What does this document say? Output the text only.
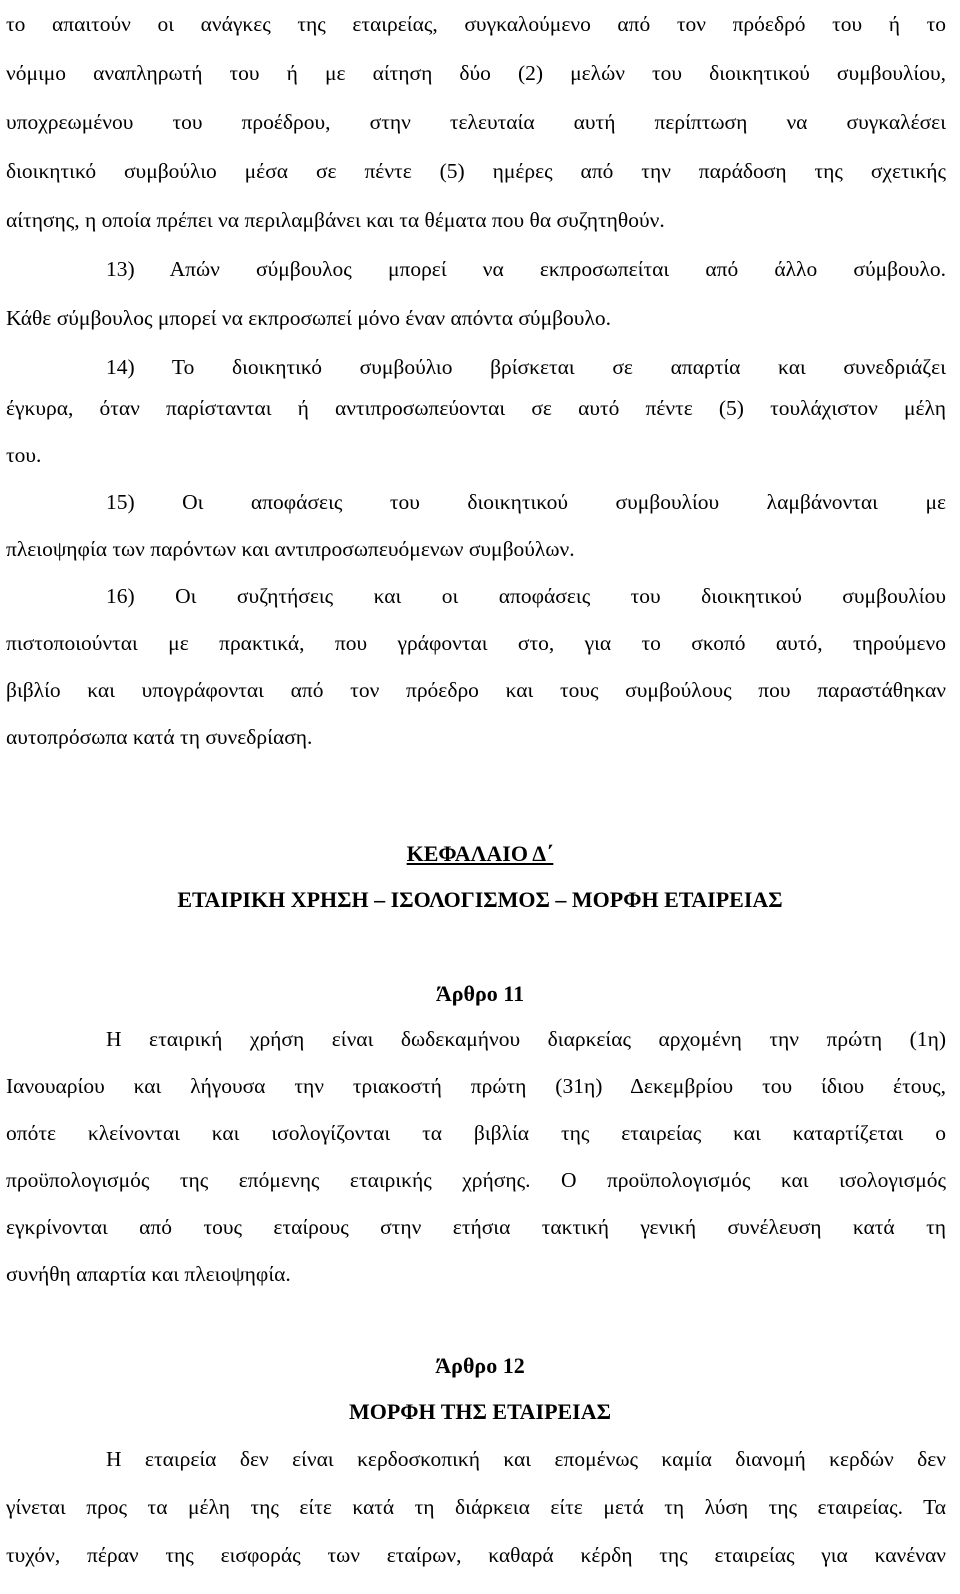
το απαιτούν οι ανάγκες της εταιρείας, συγκαλούμενο από τον πρόεδρό του ή το
νόμιμο αναπληρωτή του ή με αίτηση δύο (2) μελών του διοικητικού συμβουλίου,
υποχρεωμένου του προέδρου, στην τελευταία αυτή περίπτωση να συγκαλέσει
διοικητικό συμβούλιο μέσα σε πέντε (5) ημέρες από την παράδοση της σχετικής
αίτησης, η οποία πρέπει να περιλαμβάνει και τα θέματα που θα συζητηθούν.
13) Απών σύμβουλος μπορεί να εκπροσωπείται από άλλο σύμβουλο.
Κάθε σύμβουλος μπορεί να εκπροσωπεί μόνο έναν απόντα σύμβουλο.
14) Το διοικητικό συμβούλιο βρίσκεται σε απαρτία και συνεδριάζει
έγκυρα, όταν παρίστανται ή αντιπροσωπεύονται σε αυτό πέντε (5) τουλάχιστον μέλη
του.
15) Οι αποφάσεις του διοικητικού συμβουλίου λαμβάνονται με
πλειοψηφία των παρόντων και αντιπροσωπευόμενων συμβούλων.
16) Οι συζητήσεις και οι αποφάσεις του διοικητικού συμβουλίου
πιστοποιούνται με πρακτικά, που γράφονται στο, για το σκοπό αυτό, τηρούμενο
βιβλίο και υπογράφονται από τον πρόεδρο και τους συμβούλους που παραστάθηκαν
αυτοπρόσωπα κατά τη συνεδρίαση.
ΚΕΦΑΛΑΙΟ Δ΄
ΕΤΑΙΡΙΚΗ ΧΡΗΣΗ – ΙΣΟΛΟΓΙΣΜΟΣ – ΜΟΡΦΗ ΕΤΑΙΡΕΙΑΣ
Άρθρο 11
Η εταιρική χρήση είναι δωδεκαμήνου διαρκείας αρχομένη την πρώτη (1η)
Ιανουαρίου και λήγουσα την τριακοστή πρώτη (31η) Δεκεμβρίου του ίδιου έτους,
οπότε κλείνονται και ισολογίζονται τα βιβλία της εταιρείας και καταρτίζεται ο
προϋπολογισμός της επόμενης εταιρικής χρήσης. Ο προϋπολογισμός και ισολογισμός
εγκρίνονται από τους εταίρους στην ετήσια τακτική γενική συνέλευση κατά τη
συνήθη απαρτία και πλειοψηφία.
Άρθρο 12
ΜΟΡΦΗ ΤΗΣ ΕΤΑΙΡΕΙΑΣ
Η εταιρεία δεν είναι κερδοσκοπική και επομένως καμία διανομή κερδών δεν
γίνεται προς τα μέλη της είτε κατά τη διάρκεια είτε μετά τη λύση της εταιρείας. Τα
τυχόν, πέραν της εισφοράς των εταίρων, καθαρά κέρδη της εταιρείας για κανέναν
